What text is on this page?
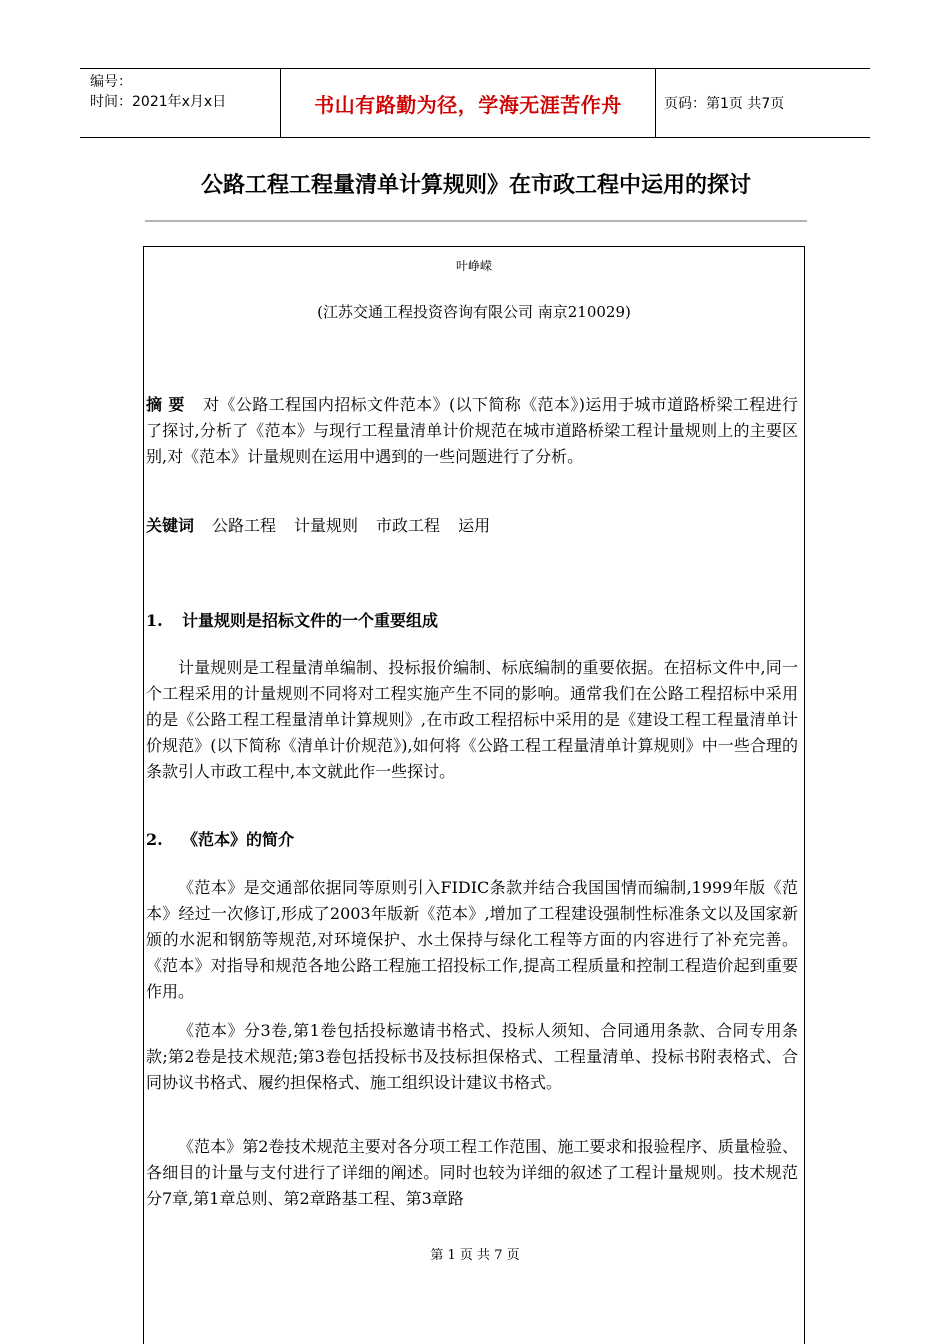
编号：
时间：2021年x月x日	书山有路勤为径，学海无涯苦作舟	页码：第1页 共7页
公路工程工程量清单计算规则》在市政工程中运用的探讨
叶峥嵘
(江苏交通工程投资咨询有限公司 南京210029)

摘 要 对《公路工程国内招标文件范本》(以下简称《范本》)运用于城市道路桥梁工程进行了探讨,分析了《范本》与现行工程量清单计价规范在城市道路桥梁工程计量规则上的主要区别,对《范本》计量规则在运用中遇到的一些问题进行了分析。

关键词 公路工程 计量规则 市政工程 运用

1. 计量规则是招标文件的一个重要组成

计量规则是工程量清单编制、投标报价编制、标底编制的重要依据。在招标文件中,同一个工程采用的计量规则不同将对工程实施产生不同的影响。通常我们在公路工程招标中采用的是《公路工程工程量清单计算规则》,在市政工程招标中采用的是《建设工程工程量清单计价规范》(以下简称《清单计价规范》),如何将《公路工程工程量清单计算规则》中一些合理的条款引人市政工程中,本文就此作一些探讨。

2. 《范本》的简介

《范本》是交通部依据同等原则引入FIDIC条款并结合我国国情而编制,1999年版《范本》经过一次修订,形成了2003年版新《范本》,增加了工程建设强制性标准条文以及国家新颁的水泥和钢筋等规范,对环境保护、水土保持与绿化工程等方面的内容进行了补充完善。《范本》对指导和规范各地公路工程施工招投标工作,提高工程质量和控制工程造价起到重要作用。

《范本》分3卷,第1卷包括投标邀请书格式、投标人须知、合同通用条款、合同专用条款;第2卷是技术规范;第3卷包括投标书及技标担保格式、工程量清单、投标书附表格式、合同协议书格式、履约担保格式、施工组织设计建议书格式。

《范本》第2卷技术规范主要对各分项工程工作范围、施工要求和报验程序、质量检验、各细目的计量与支付进行了详细的阐述。同时也较为详细的叙述了工程计量规则。技术规范分7章,第1章总则、第2章路基工程、第3章路

第 1 页 共 7 页
